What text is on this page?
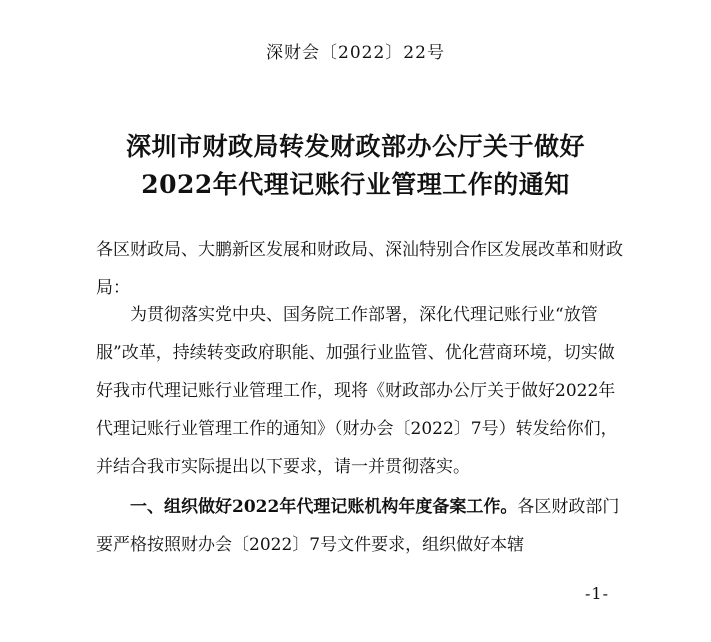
深财会〔2022〕22号
深圳市财政局转发财政部办公厅关于做好
2022年代理记账行业管理工作的通知
各区财政局、大鹏新区发展和财政局、深汕特别合作区发展改革和财政局：
为贯彻落实党中央、国务院工作部署，深化代理记账行业“放管服”改革，持续转变政府职能、加强行业监管、优化营商环境，切实做好我市代理记账行业管理工作，现将《财政部办公厅关于做好2022年代理记账行业管理工作的通知》（财办会〔2022〕7号）转发给你们，并结合我市实际提出以下要求，请一并贯彻落实。
一、组织做好2022年代理记账机构年度备案工作。各区财政部门要严格按照财办会〔2022〕7号文件要求，组织做好本辖
-1-
